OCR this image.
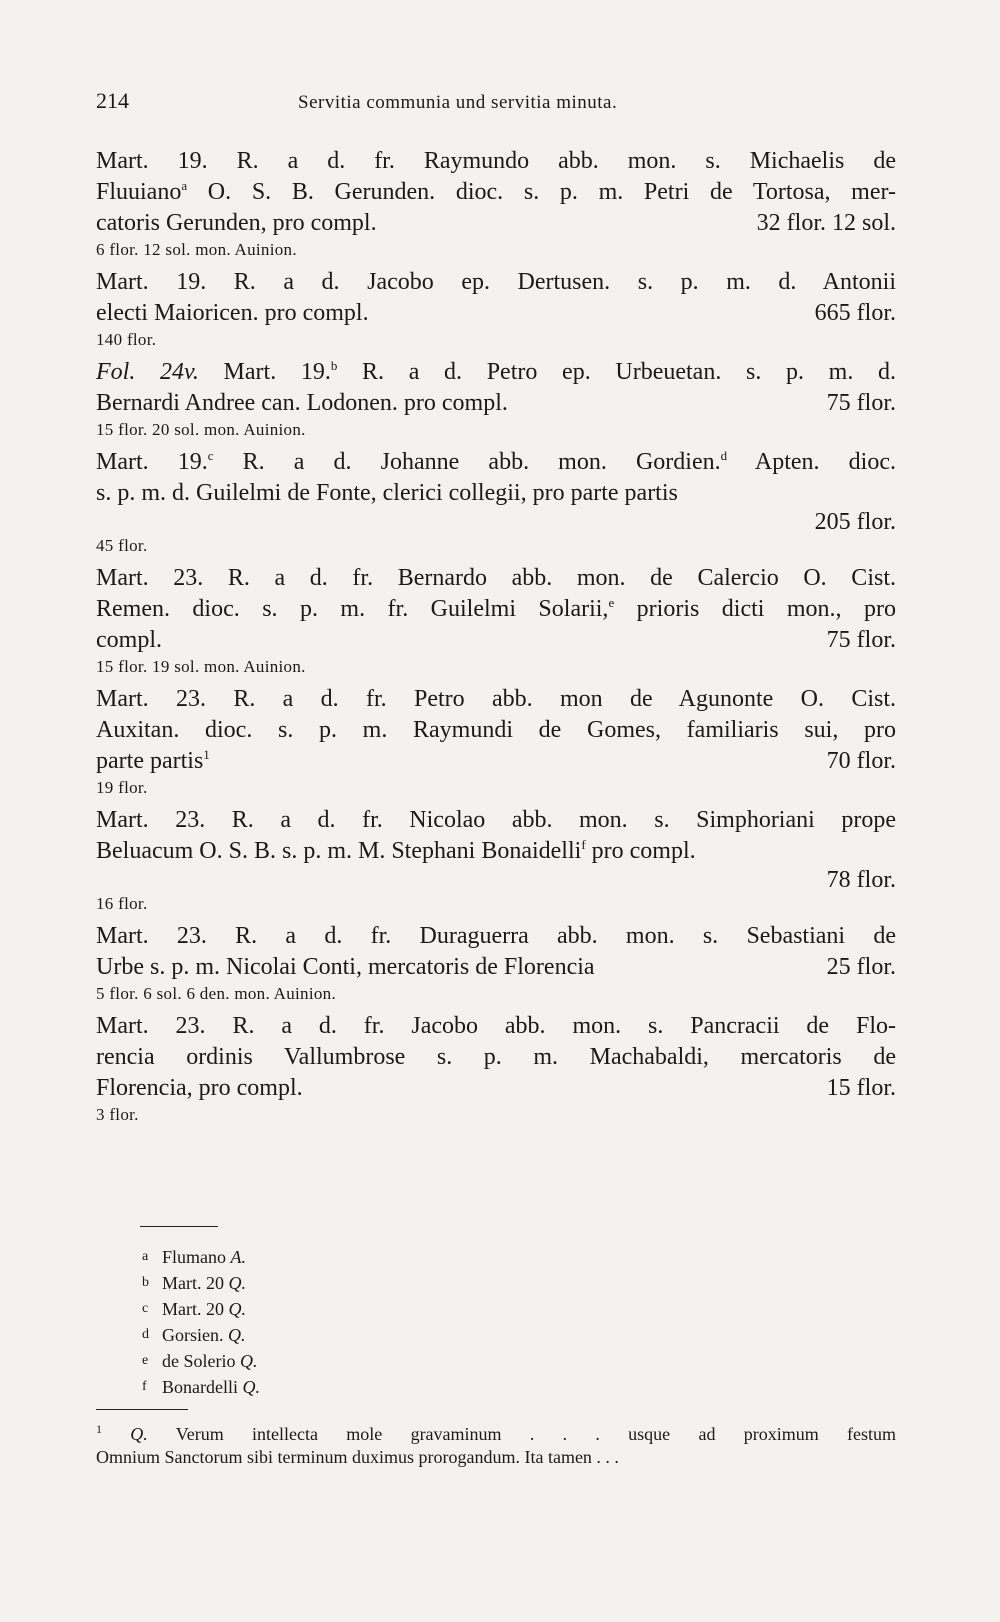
214	Servitia communia und servitia minuta.
Mart. 19. R. a d. fr. Raymundo abb. mon. s. Michaelis de
Fluuiano$^a$ O. S. B. Gerunden. dioc. s. p. m. Petri de Tortosa, mer-
32 flor. 12 sol.
catoris Gerunden, pro compl.
6 flor. 12 sol. mon. Auinion.
Mart. 19. R. a d. Jacobo ep. Dertusen. s. p. m. d. Antonii
665 flor.
electi Maioricen. pro compl.
140 flor.
Fol. 24v. Mart. 19.$^b$ R. a d. Petro ep. Urbeuetan. s. p. m. d.
75 flor.
Bernardi Andree can. Lodonen. pro compl.
15 flor. 20 sol. mon. Auinion.
Mart. 19.$^c$ R. a d. Johanne abb. mon. Gordien.$^d$ Apten. dioc.
s. p. m. d. Guilelmi de Fonte, clerici collegii, pro parte partis
205 flor.
45 flor.
Mart. 23. R. a d. fr. Bernardo abb. mon. de Calercio O. Cist.
Remen. dioc. s. p. m. fr. Guilelmi Solarii,$^e$ prioris dicti mon., pro
75 flor.
compl.
15 flor. 19 sol. mon. Auinion.
Mart. 23. R. a d. fr. Petro abb. mon de Agunonte O. Cist.
Auxitan. dioc. s. p. m. Raymundi de Gomes, familiaris sui, pro
70 flor.
parte partis$^1$
19 flor.
Mart. 23. R. a d. fr. Nicolao abb. mon. s. Simphoriani prope
Beluacum O. S. B. s. p. m. M. Stephani Bonaidelli$^f$ pro compl.
78 flor.
16 flor.
Mart. 23. R. a d. fr. Duraguerra abb. mon. s. Sebastiani de
25 flor.
Urbe s. p. m. Nicolai Conti, mercatoris de Florencia
5 flor. 6 sol. 6 den. mon. Auinion.
Mart. 23. R. a d. fr. Jacobo abb. mon. s. Pancracii de Flo-
rencia ordinis Vallumbrose s. p. m. Machabaldi, mercatoris de
15 flor.
Florencia, pro compl.
3 flor.
a Flumano A.
b Mart. 20 Q.
c Mart. 20 Q.
d Gorsien. Q.
e de Solerio Q.
f Bonardelli Q.
$^1$ Q. Verum intellecta mole gravaminum . . . usque ad proximum festum
Omnium Sanctorum sibi terminum duximus prorogandum. Ita tamen . . .
